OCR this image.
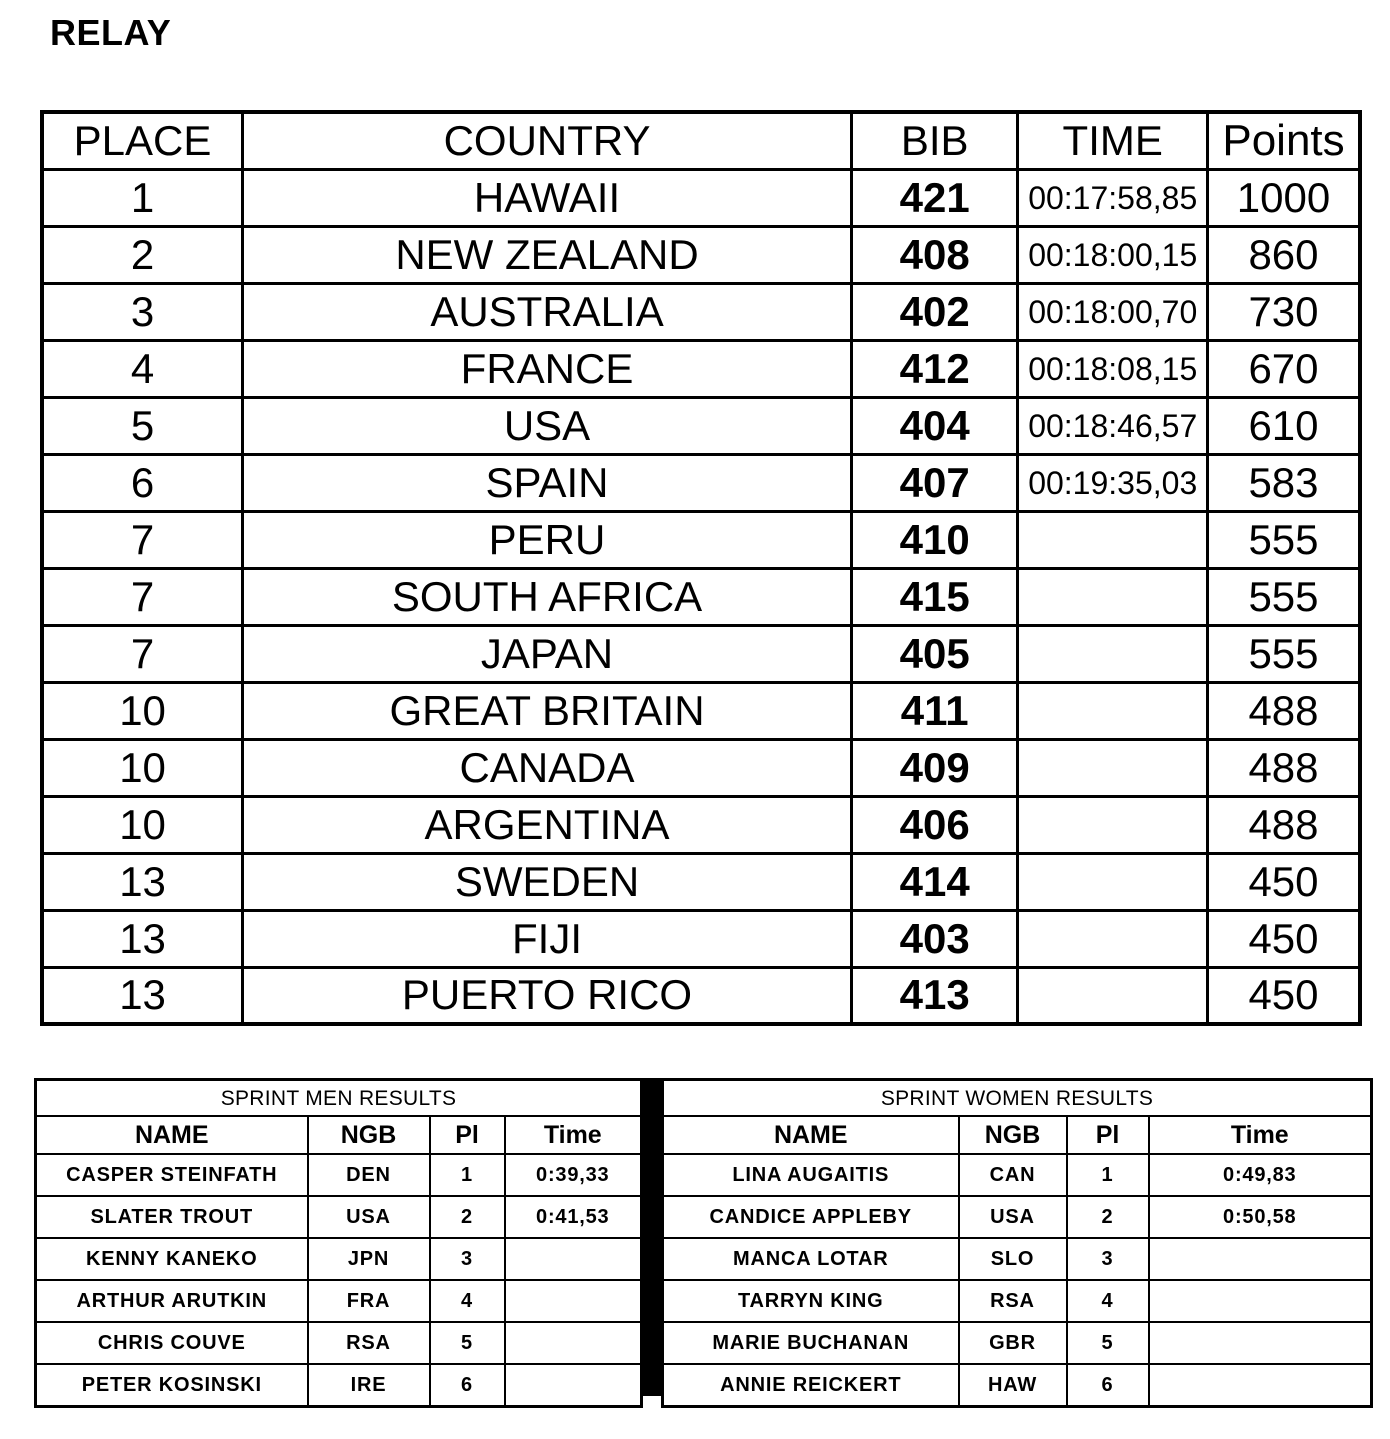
RELAY
PLACE	COUNTRY	BIB	TIME	Points
1	HAWAII	421	00:17:58,85	1000
2	NEW ZEALAND	408	00:18:00,15	860
3	AUSTRALIA	402	00:18:00,70	730
4	FRANCE	412	00:18:08,15	670
5	USA	404	00:18:46,57	610
6	SPAIN	407	00:19:35,03	583
7	PERU	410		555
7	SOUTH AFRICA	415		555
7	JAPAN	405		555
10	GREAT BRITAIN	411		488
10	CANADA	409		488
10	ARGENTINA	406		488
13	SWEDEN	414		450
13	FIJI	403		450
13	PUERTO RICO	413		450
SPRINT MEN RESULTS			
NAME	NGB	Pl	Time
CASPER STEINFATH	DEN	1	0:39,33
SLATER TROUT	USA	2	0:41,53
KENNY KANEKO	JPN	3	
ARTHUR ARUTKIN	FRA	4	
CHRIS COUVE	RSA	5	
PETER KOSINSKI	IRE	6	
SPRINT WOMEN RESULTS			
NAME	NGB	Pl	Time
LINA AUGAITIS	CAN	1	0:49,83
CANDICE APPLEBY	USA	2	0:50,58
MANCA LOTAR	SLO	3	
TARRYN KING	RSA	4	
MARIE BUCHANAN	GBR	5	
ANNIE REICKERT	HAW	6	
